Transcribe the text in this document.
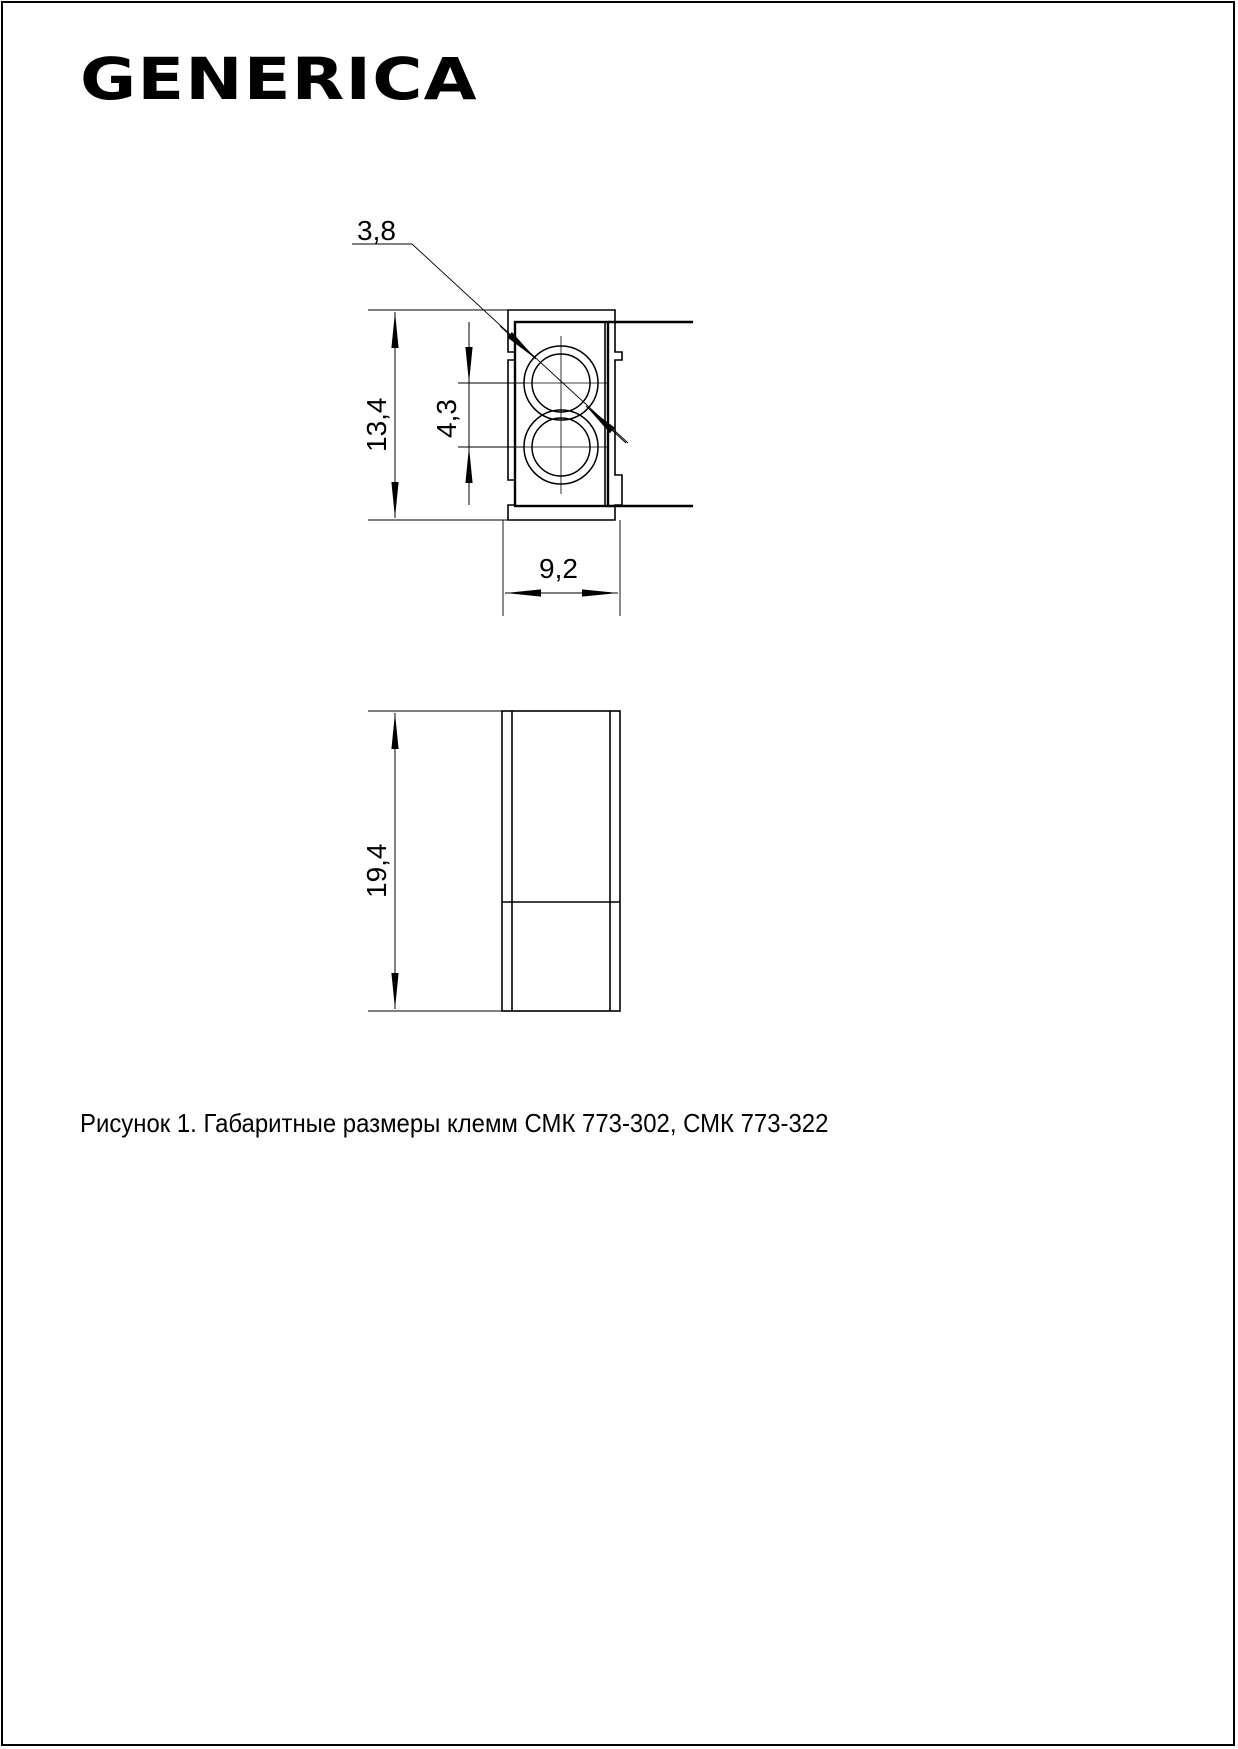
GENERICA
3,8
13,4 4,3
9,2
19,4
Рисунок 1. Габаритные размеры клемм СМК 773-302, СМК 773-322
